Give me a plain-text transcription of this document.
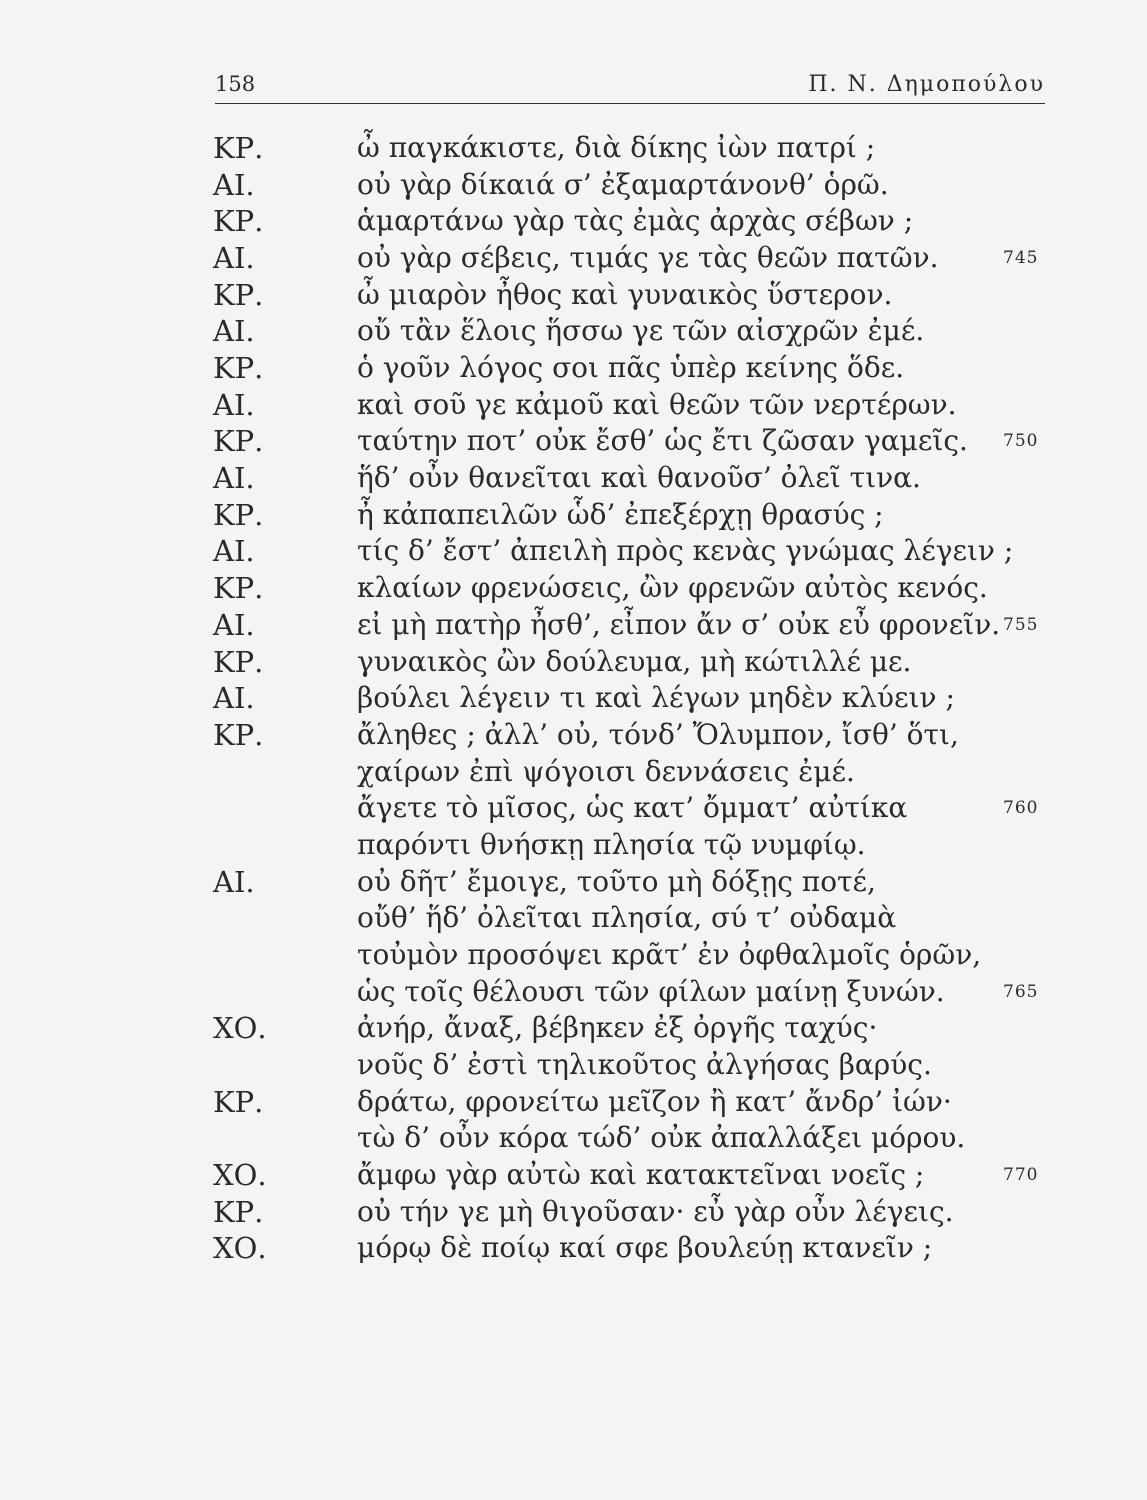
158	Π. Ν. Δημοπούλου
ΚΡ.	ὦ παγκάκιστε, διὰ δίκης ἰὼν πατρί ;
ΑΙ.	οὐ γὰρ δίκαιά σ’ ἐξαμαρτάνονθ’ ὁρῶ.
ΚΡ.	ἁμαρτάνω γὰρ τὰς ἐμὰς ἀρχὰς σέβων ;
ΑΙ.	οὐ γὰρ σέβεις, τιμάς γε τὰς θεῶν πατῶν.	745
ΚΡ.	ὦ μιαρὸν ἦθος καὶ γυναικὸς ὕστερον.
ΑΙ.	οὔ τἂν ἕλοις ἥσσω γε τῶν αἰσχρῶν ἐμέ.
ΚΡ.	ὁ γοῦν λόγος σοι πᾶς ὑπὲρ κείνης ὅδε.
ΑΙ.	καὶ σοῦ γε κἀμοῦ καὶ θεῶν τῶν νερτέρων.
ΚΡ.	ταύτην ποτ’ οὐκ ἔσθ’ ὡς ἔτι ζῶσαν γαμεῖς. 750
ΑΙ.	ἥδ’ οὖν θανεῖται καὶ θανοῦσ’ ὀλεῖ τινα.
ΚΡ.	ἦ κἀπαπειλῶν ὧδ’ ἐπεξέρχῃ θρασύς ;
ΑΙ.	τίς δ’ ἔστ’ ἀπειλὴ πρὸς κενὰς γνώμας λέγειν ;
ΚΡ.	κλαίων φρενώσεις, ὢν φρενῶν αὐτὸς κενός.
ΑΙ.	εἰ μὴ πατὴρ ἦσθ’, εἶπον ἄν σ’ οὐκ εὖ φρονεῖν. 755
ΚΡ.	γυναικὸς ὢν δούλευμα, μὴ κώτιλλέ με.
ΑΙ.	βούλει λέγειν τι καὶ λέγων μηδὲν κλύειν ;
ΚΡ.	ἄληθες ; ἀλλ’ οὐ, τόνδ’ Ὄλυμπον, ἴσθ’ ὅτι,
χαίρων ἐπὶ ψόγοισι δεννάσεις ἐμέ.
ἄγετε τὸ μῖσος, ὡς κατ’ ὄμματ’ αὐτίκα	760
παρόντι θνήσκῃ πλησία τῷ νυμφίῳ.
ΑΙ.	οὐ δῆτ’ ἔμοιγε, τοῦτο μὴ δόξῃς ποτέ,
οὔθ’ ἥδ’ ὀλεῖται πλησία, σύ τ’ οὐδαμὰ
τοὐμὸν προσόψει κρᾶτ’ ἐν ὀφθαλμοῖς ὁρῶν,
ὡς τοῖς θέλουσι τῶν φίλων μαίνῃ ξυνών.	765
ΧΟ.	ἀνήρ, ἄναξ, βέβηκεν ἐξ ὀργῆς ταχύς·
νοῦς δ’ ἐστὶ τηλικοῦτος ἀλγήσας βαρύς.
ΚΡ.	δράτω, φρονείτω μεῖζον ἢ κατ’ ἄνδρ’ ἰών·
τὼ δ’ οὖν κόρα τώδ’ οὐκ ἀπαλλάξει μόρου.
ΧΟ.	ἄμφω γὰρ αὐτὼ καὶ κατακτεῖναι νοεῖς ;	770
ΚΡ.	οὐ τήν γε μὴ θιγοῦσαν· εὖ γὰρ οὖν λέγεις.
ΧΟ.	μόρῳ δὲ ποίῳ καί σφε βουλεύῃ κτανεῖν ;
